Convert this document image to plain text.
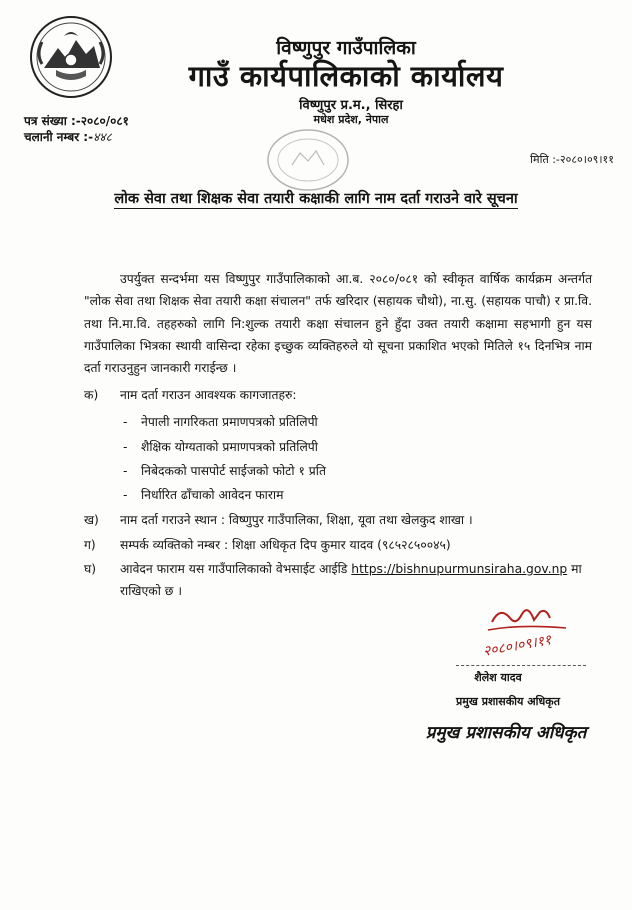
विष्णुपुर गाउँपालिका
गाउँ कार्यपालिकाको कार्यालय
विष्णुपुर प्र.म., सिरहा
मधेश प्रदेश, नेपाल
पत्र संख्या :-२०८०/०८१
चलानी नम्बर :-४४८
मिति :-२०८०।०९।११
लोक सेवा तथा शिक्षक सेवा तयारी कक्षाकी लागि नाम दर्ता गराउने वारे सूचना
उपर्युक्त सन्दर्भमा यस विष्णुपुर गाउँपालिकाको आ.ब. २०८०/०८१ को स्वीकृत वार्षिक कार्यक्रम अन्तर्गत "लोक सेवा तथा शिक्षक सेवा तयारी कक्षा संचालन" तर्फ खरिदार (सहायक चौथो), ना.सु. (सहायक पाचौ) र प्रा.वि. तथा नि.मा.वि. तहहरुको लागि नि:शुल्क तयारी कक्षा संचालन हुने हुँदा उक्त तयारी कक्षामा सहभागी हुन यस गाउँपालिका भित्रका स्थायी वासिन्दा रहेका इच्छुक व्यक्तिहरुले यो सूचना प्रकाशित भएको मितिले १५ दिनभित्र नाम दर्ता गराउनुहुन जानकारी गराईन्छ ।
क) नाम दर्ता गराउन आवश्यक कागजातहरु:
- नेपाली नागरिकता प्रमाणपत्रको प्रतिलिपी
- शैक्षिक योग्यताको प्रमाणपत्रको प्रतिलिपी
- निबेदकको पासपोर्ट साईजको फोटो १ प्रति
- निर्धारित ढाँचाको आवेदन फाराम
ख) नाम दर्ता गराउने स्थान : विष्णुपुर गाउँपालिका, शिक्षा, यूवा तथा खेलकुद शाखा ।
ग) सम्पर्क व्यक्तिको नम्बर : शिक्षा अधिकृत दिप कुमार यादव (९८५२८५००४५)
घ) आवेदन फाराम यस गाउँपालिकाको वेभसाईट आईडि https://bishnupurmunsiraha.gov.np मा
राखिएको छ ।
२०८०।०९।११
शैलेश यादव
प्रमुख प्रशासकीय अधिकृत
प्रमुख प्रशासकीय अधिकृत
